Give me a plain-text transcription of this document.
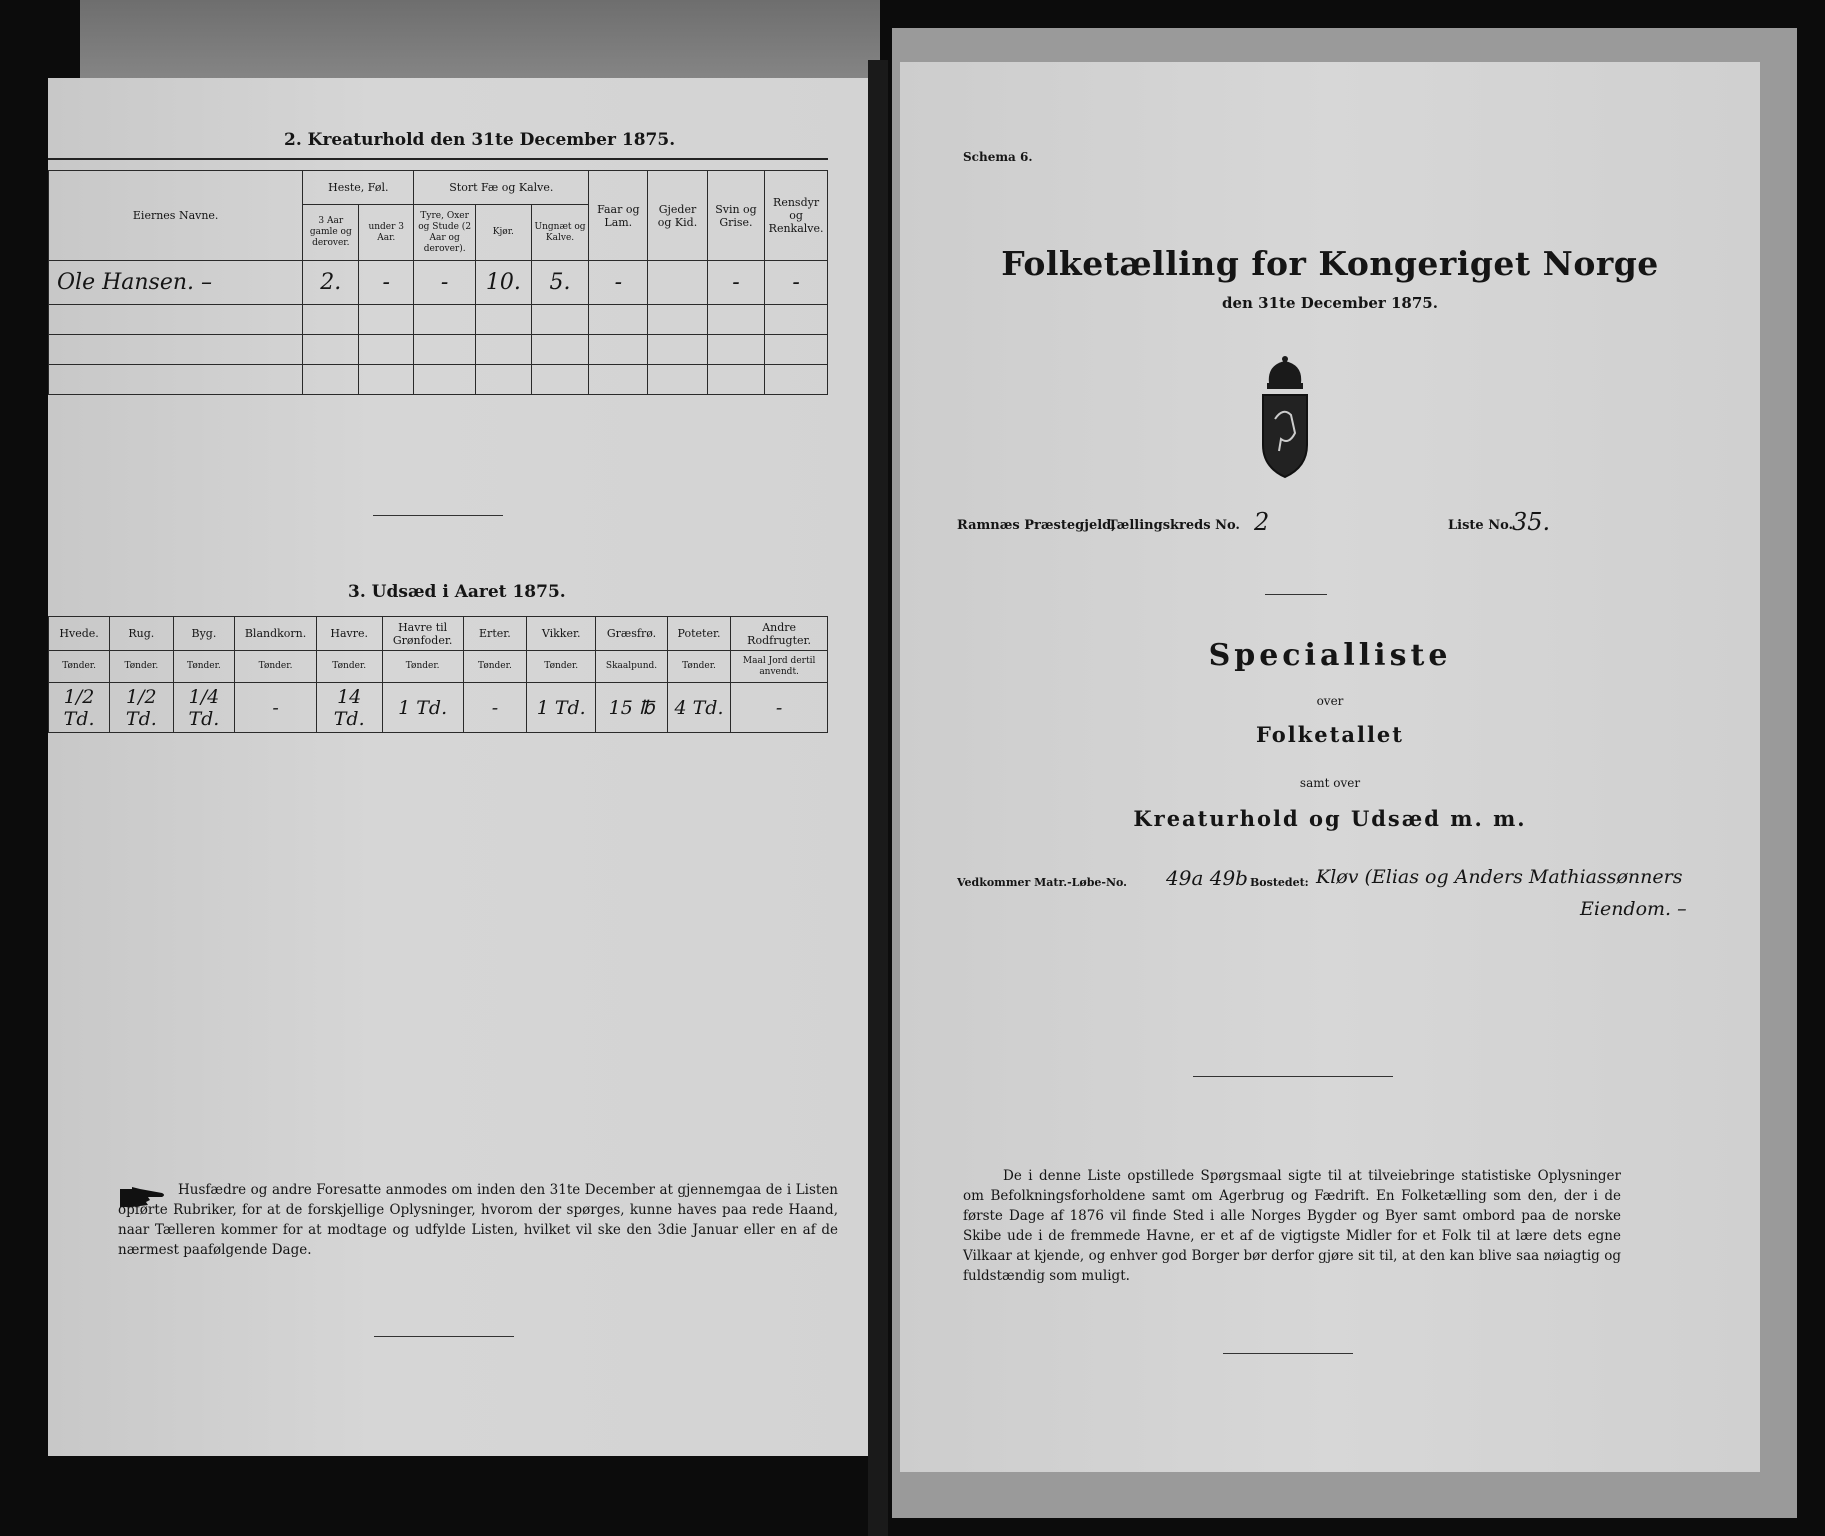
2. Kreaturhold den 31te December 1875.
Eiernes Navne.	Heste, Føl.		Stort Fæ og Kalve.			Faar og Lam.	Gjeder og Kid.	Svin og Grise.	Rensdyr og Renkalve.
	3 Aar gamle og derover.	under 3 Aar.	Tyre, Oxer og Stude (2 Aar og derover).	Kjør.	Ungnæt og Kalve.				
Ole Hansen. –	2.	-	-	10.	5.	-		-	-

3. Udsæd i Aaret 1875.
Hvede.	Rug.	Byg.	Blandkorn.	Havre.	Havre til Grønfoder.	Erter.	Vikker.	Græsfrø.	Poteter.	Andre Rodfrugter.
Tønder.	Tønder.	Tønder.	Tønder.	Tønder.	Tønder.	Tønder.	Tønder.	Skaalpund.	Tønder.	Maal Jord dertil anvendt.
1/2 Td.	1/2 Td.	1/4 Td.	-	14 Td.	1 Td.	-	1 Td.	15 ℔	4 Td.	-
Husfædre og andre Foresatte anmodes om inden den 31te December at gjennemgaa de i Listen opførte Rubriker, for at de forskjellige Oplysninger, hvorom der spørges, kunne haves paa rede Haand, naar Tælleren kommer for at modtage og udfylde Listen, hvilket vil ske den 3die Januar eller en af de nærmest paafølgende Dage.
Schema 6.
Folketælling for Kongeriget Norge
den 31te December 1875.
Ramnæs Præstegjeld,
Tællingskreds No. 2	Liste No.
35.
Specialliste
over
Folketallet
samt over
Kreaturhold og Udsæd m. m.
Vedkommer Matr.-Løbe-No. 49a 49b Bostedet: Kløv (Elias og Anders Mathiassønners
Eiendom. –
De i denne Liste opstillede Spørgsmaal sigte til at tilveiebringe statistiske Oplysninger om Befolkningsforholdene samt om Agerbrug og Fædrift. En Folketælling som den, der i de første Dage af 1876 vil finde Sted i alle Norges Bygder og Byer samt ombord paa de norske Skibe ude i de fremmede Havne, er et af de vigtigste Midler for et Folk til at lære dets egne Vilkaar at kjende, og enhver god Borger bør derfor gjøre sit til, at den kan blive saa nøiagtig og fuldstændig som muligt.
